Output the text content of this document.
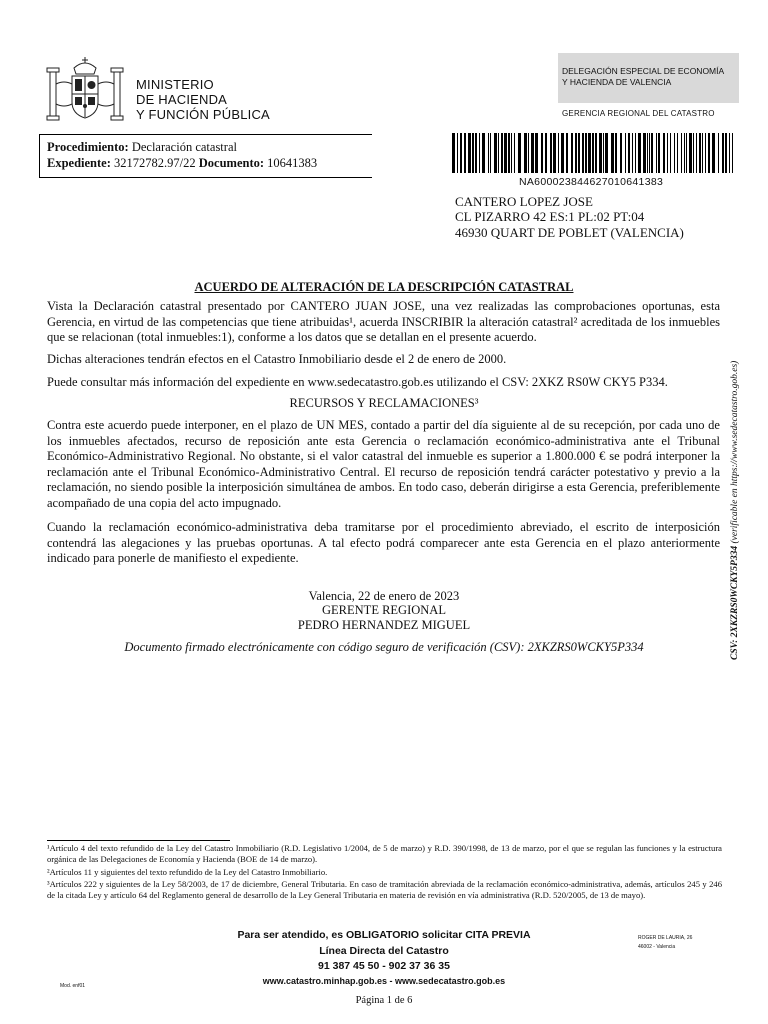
MINISTERIO
DE HACIENDA
Y FUNCIÓN PÚBLICA
DELEGACIÓN ESPECIAL DE ECONOMÍA
Y HACIENDA DE VALENCIA
GERENCIA REGIONAL DEL CATASTRO
Procedimiento: Declaración catastral
Expediente: 32172782.97/22 Documento: 10641383
NA600023844627010641383
CANTERO LOPEZ JOSE
CL PIZARRO 42 ES:1 PL:02 PT:04
46930 QUART DE POBLET (VALENCIA)
ACUERDO DE ALTERACIÓN DE LA DESCRIPCIÓN CATASTRAL
Vista la Declaración catastral presentado por CANTERO JUAN JOSE, una vez realizadas las comprobaciones oportunas, esta Gerencia, en virtud de las competencias que tiene atribuidas¹, acuerda INSCRIBIR la alteración catastral² acreditada de los inmuebles que se relacionan (total inmuebles:1), conforme a los datos que se detallan en el presente acuerdo.
Dichas alteraciones tendrán efectos en el Catastro Inmobiliario desde el 2 de enero de 2000.
Puede consultar más información del expediente en www.sedecatastro.gob.es utilizando el CSV: 2XKZ RS0W CKY5 P334.
RECURSOS Y RECLAMACIONES³
Contra este acuerdo puede interponer, en el plazo de UN MES, contado a partir del día siguiente al de su recepción, por cada uno de los inmuebles afectados, recurso de reposición ante esta Gerencia o reclamación económico-administrativa ante el Tribunal Económico-Administrativo Regional. No obstante, si el valor catastral del inmueble es superior a 1.800.000 € se podrá interponer la reclamación ante el Tribunal Económico-Administrativo Central. El recurso de reposición tendrá carácter potestativo y previo a la reclamación, no siendo posible la interposición simultánea de ambos. En todo caso, deberán dirigirse a esta Gerencia, preferiblemente acompañado de una copia del acto impugnado.
Cuando la reclamación económico-administrativa deba tramitarse por el procedimiento abreviado, el escrito de interposición contendrá las alegaciones y las pruebas oportunas. A tal efecto podrá comparecer ante esta Gerencia en el plazo anteriormente indicado para ponerle de manifiesto el expediente.
Valencia, 22 de enero de 2023
GERENTE REGIONAL
PEDRO HERNANDEZ MIGUEL
Documento firmado electrónicamente con código seguro de verificación (CSV): 2XKZRS0WCKY5P334	CSV: 2XKZRS0WCKY5P334 (verificable en https://www.sedecatastro.gob.es)
¹Artículo 4 del texto refundido de la Ley del Catastro Inmobiliario (R.D. Legislativo 1/2004, de 5 de marzo) y R.D. 390/1998, de 13 de marzo, por el que se regulan las funciones y la estructura orgánica de las Delegaciones de Economía y Hacienda (BOE de 14 de marzo).
²Artículos 11 y siguientes del texto refundido de la Ley del Catastro Inmobiliario.
³Artículos 222 y siguientes de la Ley 58/2003, de 17 de diciembre, General Tributaria. En caso de tramitación abreviada de la reclamación económico-administrativa, además, artículos 245 y 246 de la citada Ley y artículo 64 del Reglamento general de desarrollo de la Ley General Tributaria en materia de revisión en vía administrativa (R.D. 520/2005, de 13 de mayo).
Para ser atendido, es OBLIGATORIO solicitar CITA PREVIA
Línea Directa del Catastro
91 387 45 50 - 902 37 36 35
www.catastro.minhap.gob.es - www.sedecatastro.gob.es
ROGER DE LAURIA, 26
46002 - Valencia
Mod. enf01
Página 1 de 6
